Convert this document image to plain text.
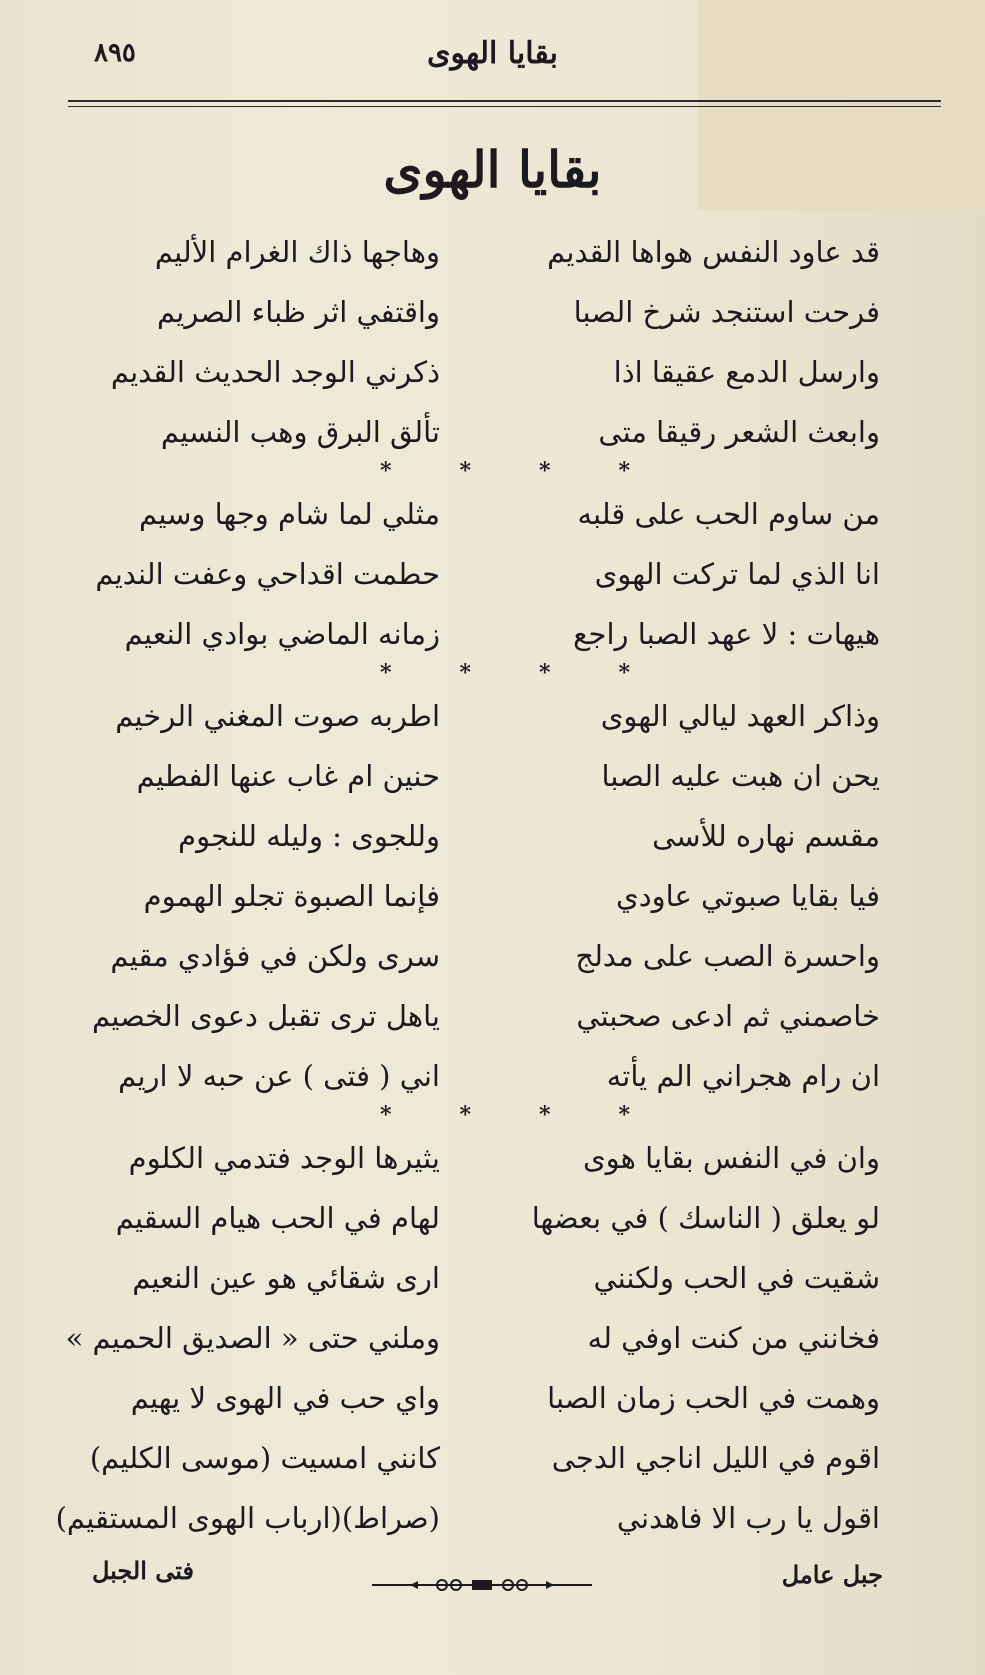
بقايا الهوى
٨٩٥
بقايا الهوى
قد عاود النفس هواها القديم
وهاجها ذاك الغرام الأليم
فرحت استنجد شرخ الصبا
واقتفي اثر ظباء الصريم
وارسل الدمع عقيقا اذا
ذكرني الوجد الحديث القديم
وابعث الشعر رقيقا متى
تألق البرق وهب النسيم
*	*	*	*
من ساوم الحب على قلبه
مثلي لما شام وجها وسيم
انا الذي لما تركت الهوى
حطمت اقداحي وعفت النديم
هيهات : لا عهد الصبا راجع
زمانه الماضي بوادي النعيم
*	*	*	*
وذاكر العهد ليالي الهوى
اطربه صوت المغني الرخيم
يحن ان هبت عليه الصبا
حنين ام غاب عنها الفطيم
مقسم نهاره للأسى
وللجوى : وليله للنجوم
فيا بقايا صبوتي عاودي
فإنما الصبوة تجلو الهموم
واحسرة الصب على مدلج
سرى ولكن في فؤادي مقيم
خاصمني ثم ادعى صحبتي
ياهل ترى تقبل دعوى الخصيم
ان رام هجراني الم يأته
اني ( فتى ) عن حبه لا اريم
*	*	*	*
وان في النفس بقايا هوى
يثيرها الوجد فتدمي الكلوم
لو يعلق ( الناسك ) في بعضها
لهام في الحب هيام السقيم
شقيت في الحب ولكنني
ارى شقائي هو عين النعيم
فخانني من كنت اوفي له
وملني حتى « الصديق الحميم »
وهمت في الحب زمان الصبا
واي حب في الهوى لا يهيم
اقوم في الليل اناجي الدجى
كانني امسيت (موسى الكليم)
اقول يا رب الا فاهدني
(صراط)(ارباب الهوى المستقيم)
جبل عامل
فتى الجبل
